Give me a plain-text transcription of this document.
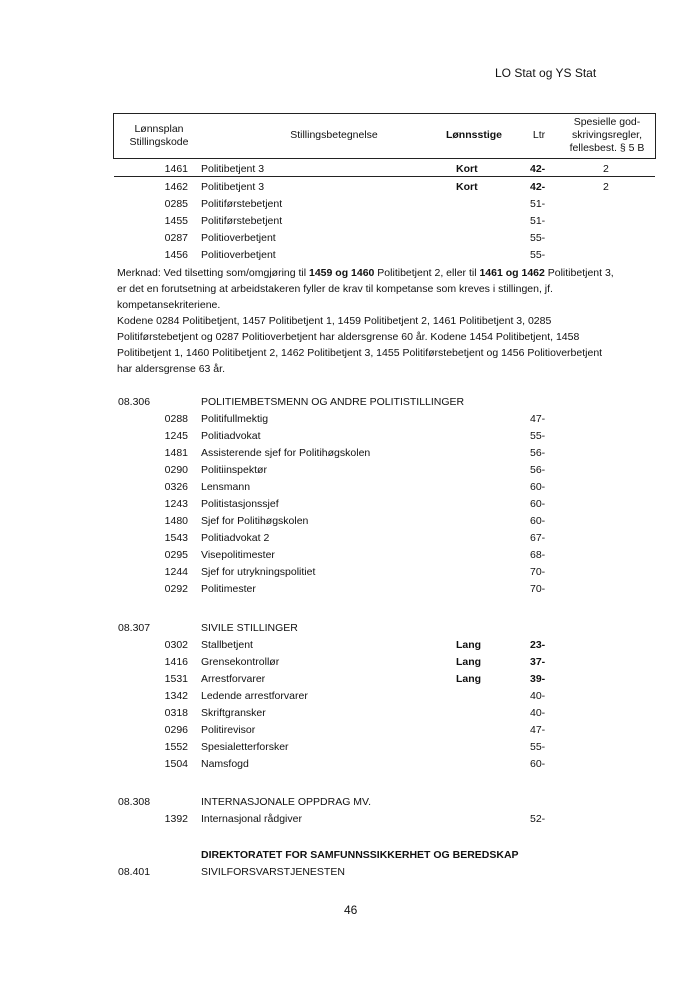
LO Stat og YS Stat
Lønnsplan
Stillingskode
Stillingsbetegnelse	Lønnsstige	Ltr
Spesielle god-
skrivingsregler,
fellesbest. § 5 B
1461 Politibetjent 3	Kort	42-	2
1462 Politibetjent 3	Kort	42-	2
0285 Politiførstebetjent	51-
1455 Politiførstebetjent	51-
0287 Politioverbetjent	55-
1456 Politioverbetjent	55-
Merknad: Ved tilsetting som/omgjøring til 1459 og 1460 Politibetjent 2, eller til 1461 og 1462 Politibetjent 3,
er det en forutsetning at arbeidstakeren fyller de krav til kompetanse som kreves i stillingen, jf.
kompetansekriteriene.
Kodene 0284 Politibetjent, 1457 Politibetjent 1, 1459 Politibetjent 2, 1461 Politibetjent 3, 0285
Politiførstebetjent og 0287 Politioverbetjent har aldersgrense 60 år. Kodene 1454 Politibetjent, 1458
Politibetjent 1, 1460 Politibetjent 2, 1462 Politibetjent 3, 1455 Politiførstebetjent og 1456 Politioverbetjent
har aldersgrense 63 år.
08.306	POLITIEMBETSMENN OG ANDRE POLITISTILLINGER
0288 Politifullmektig	47-
1245 Politiadvokat	55-
1481 Assisterende sjef for Politihøgskolen	56-
0290 Politiinspektør	56-
0326 Lensmann	60-
1243 Politistasjonssjef	60-
1480 Sjef for Politihøgskolen	60-
1543 Politiadvokat 2	67-
0295 Visepolitimester	68-
1244 Sjef for utrykningspolitiet	70-
0292 Politimester	70-
08.307	SIVILE STILLINGER
0302 Stallbetjent	Lang	23-
1416 Grensekontrollør	Lang	37-
1531 Arrestforvarer	Lang	39-
1342 Ledende arrestforvarer	40-
0318 Skriftgransker	40-
0296 Politirevisor	47-
1552 Spesialetterforsker	55-
1504 Namsfogd	60-
08.308	INTERNASJONALE OPPDRAG MV.
1392 Internasjonal rådgiver	52-
DIREKTORATET FOR SAMFUNNSSIKKERHET OG BEREDSKAP
08.401	SIVILFORSVARSTJENESTEN
46
